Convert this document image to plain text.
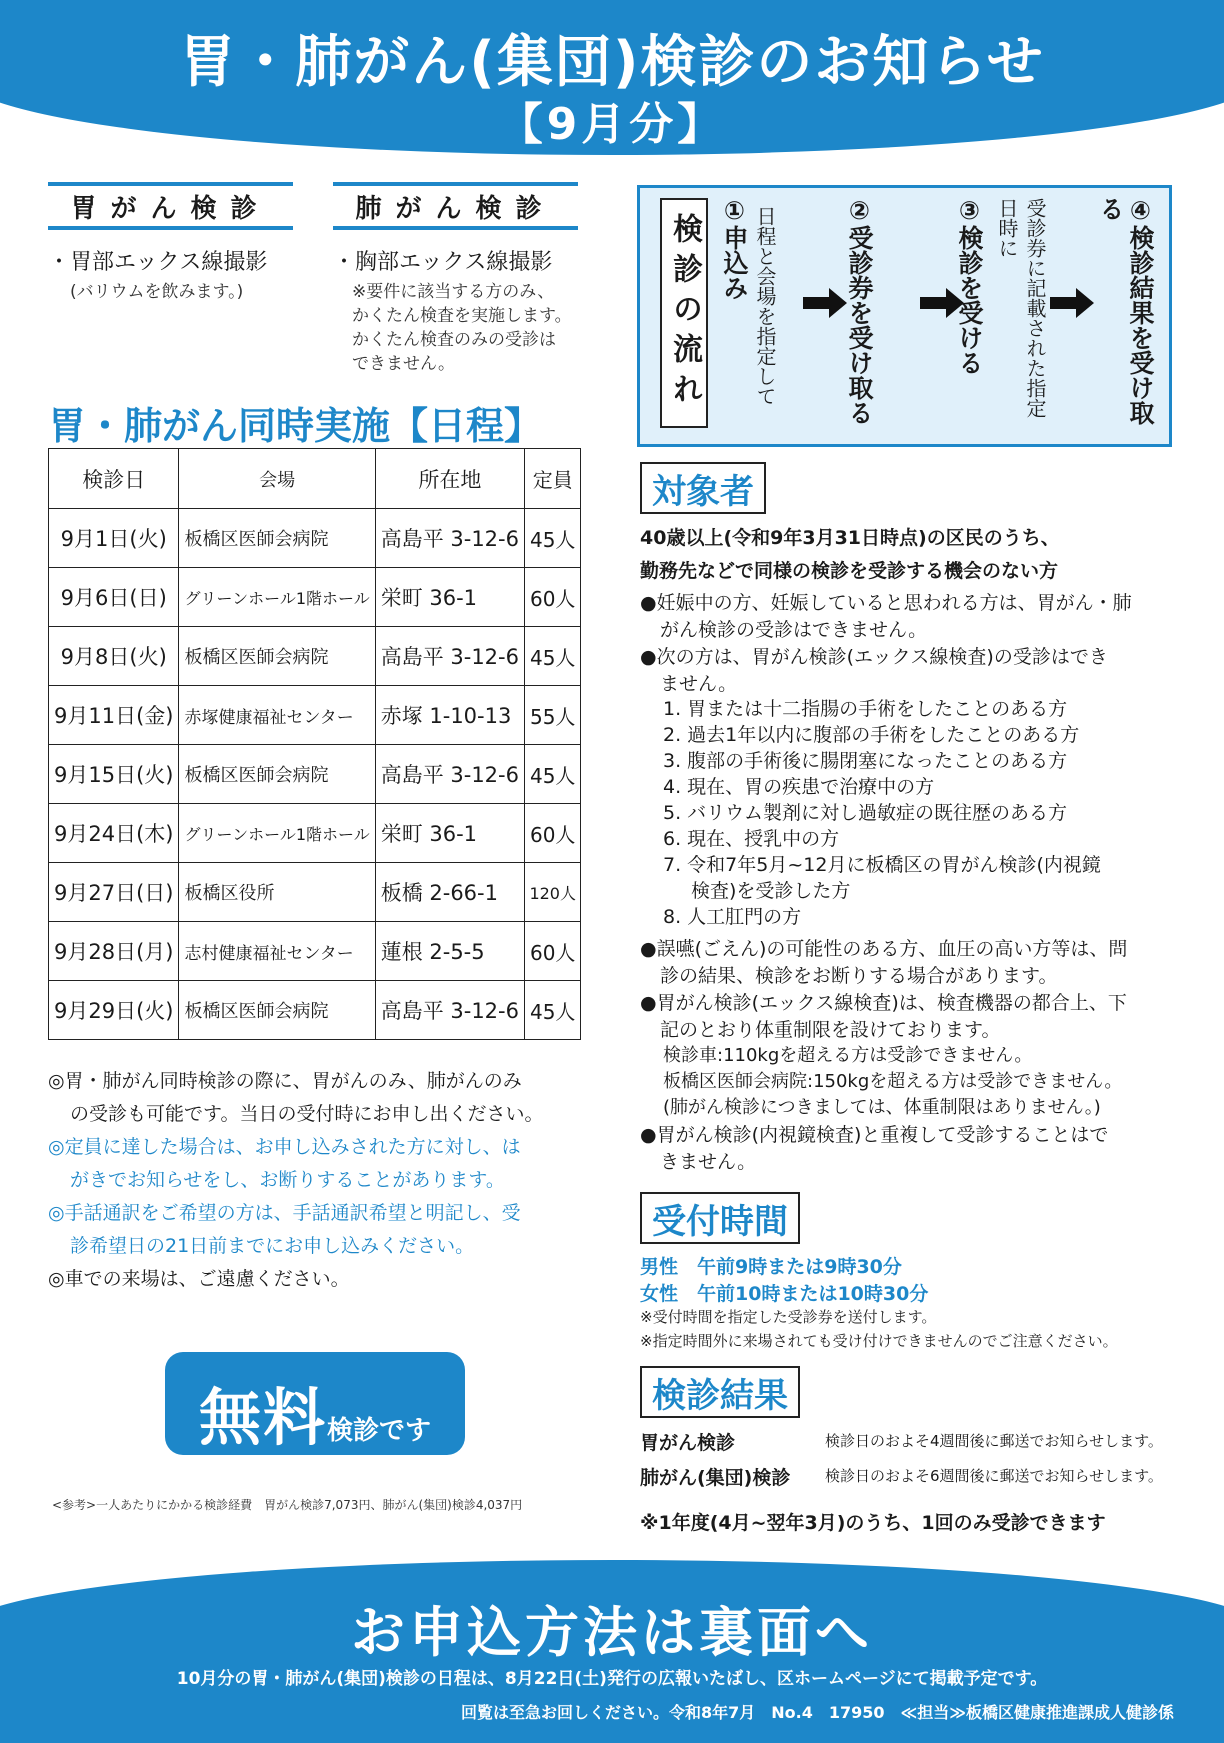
胃・肺がん(集団)検診のお知らせ
【9月分】
胃がん検診
・胃部エックス線撮影
(バリウムを飲みます。)
肺がん検診
・胸部エックス線撮影
※要件に該当する方のみ、
かくたん検査を実施します。
かくたん検査のみの受診は
できません。
胃・肺がん同時実施【日程】
検診日	会場	所在地	定員
9月1日(火)	板橋区医師会病院	高島平 3-12-6	45人
9月6日(日)	グリーンホール1階ホール	栄町 36-1	60人
9月8日(火)	板橋区医師会病院	高島平 3-12-6	45人
9月11日(金)	赤塚健康福祉センター	赤塚 1-10-13	55人
9月15日(火)	板橋区医師会病院	高島平 3-12-6	45人
9月24日(木)	グリーンホール1階ホール	栄町 36-1	60人
9月27日(日)	板橋区役所	板橋 2-66-1	120人
9月28日(月)	志村健康福祉センター	蓮根 2-5-5	60人
9月29日(火)	板橋区医師会病院	高島平 3-12-6	45人
◎胃・肺がん同時検診の際に、胃がんのみ、肺がんのみ
の受診も可能です。当日の受付時にお申し出ください。
◎定員に達した場合は、お申し込みされた方に対し、は
がきでお知らせをし、お断りすることがあります。
◎手話通訳をご希望の方は、手話通訳希望と明記し、受
診希望日の21日前までにお申し込みください。
◎車での来場は、ご遠慮ください。
無料 検診です
<参考>一人あたりにかかる検診経費　胃がん検診7,073円、肺がん(集団)検診4,037円
検診の流れ ①申込み 日程と会場を指定して	②受診券を受け取る	③検診を受ける	受診券に記載された指定日時に	④検診結果を受け取る
対象者
40歳以上(令和9年3月31日時点)の区民のうち、
勤務先などで同様の検診を受診する機会のない方
●妊娠中の方、妊娠していると思われる方は、胃がん・肺
がん検診の受診はできません。
●次の方は、胃がん検診(エックス線検査)の受診はでき
ません。
1. 胃または十二指腸の手術をしたことのある方
2. 過去1年以内に腹部の手術をしたことのある方
3. 腹部の手術後に腸閉塞になったことのある方
4. 現在、胃の疾患で治療中の方
5. バリウム製剤に対し過敏症の既往歴のある方
6. 現在、授乳中の方
7. 令和7年5月~12月に板橋区の胃がん検診(内視鏡
検査)を受診した方
8. 人工肛門の方
●誤嚥(ごえん)の可能性のある方、血圧の高い方等は、問
診の結果、検診をお断りする場合があります。
●胃がん検診(エックス線検査)は、検査機器の都合上、下
記のとおり体重制限を設けております。
検診車:110kgを超える方は受診できません。
板橋区医師会病院:150kgを超える方は受診できません。
(肺がん検診につきましては、体重制限はありません。)
●胃がん検診(内視鏡検査)と重複して受診することはで
きません。
受付時間
男性　午前9時または9時30分
女性　午前10時または10時30分
※受付時間を指定した受診券を送付します。
※指定時間外に来場されても受け付けできませんのでご注意ください。
検診結果
胃がん検診	検診日のおよそ4週間後に郵送でお知らせします。
肺がん(集団)検診 検診日のおよそ6週間後に郵送でお知らせします。
※1年度(4月~翌年3月)のうち、1回のみ受診できます
お申込方法は裏面へ
10月分の胃・肺がん(集団)検診の日程は、8月22日(土)発行の広報いたばし、区ホームページにて掲載予定です。
回覧は至急お回しください。令和8年7月　No.4　17950　≪担当≫板橋区健康推進課成人健診係
